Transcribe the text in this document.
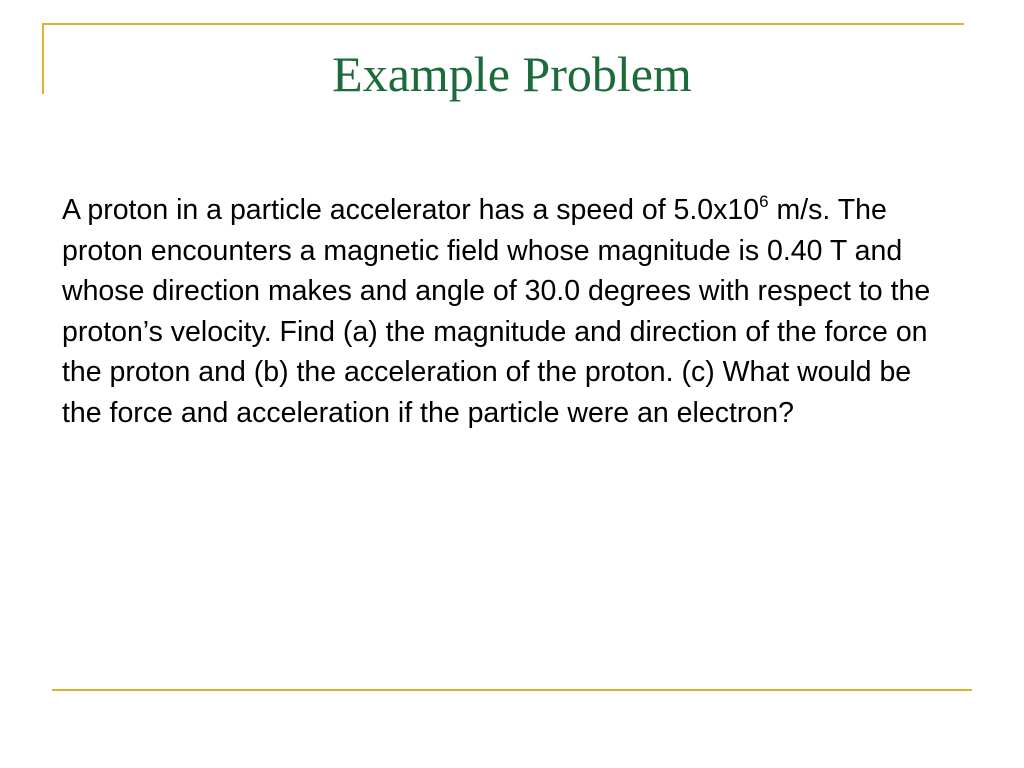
Example Problem

A proton in a particle accelerator has a speed of $5.0x10^6$ m/s. The proton encounters a magnetic field whose magnitude is 0.40 T and whose direction makes and angle of 30.0 degrees with respect to the proton’s velocity. Find (a) the magnitude and direction of the force on the proton and (b) the acceleration of the proton. (c) What would be the force and acceleration if the particle were an electron?
